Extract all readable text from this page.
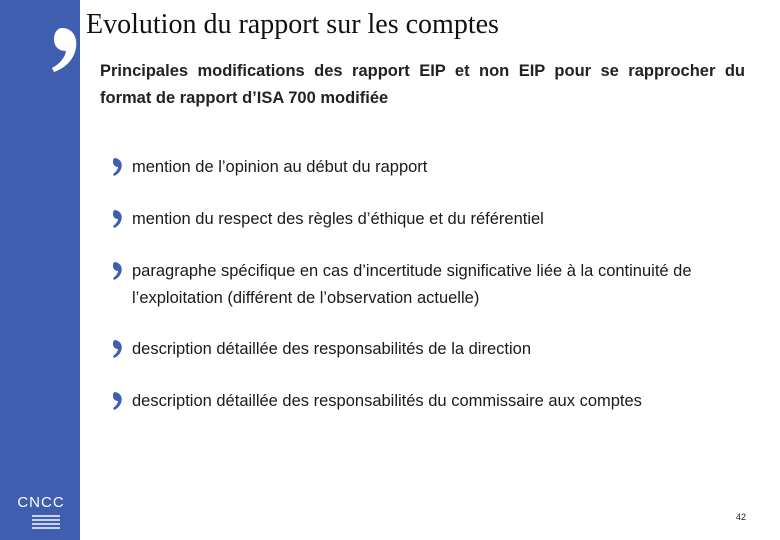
Evolution du rapport sur les comptes

Principales modifications des rapport EIP et non EIP pour se rapprocher du format de rapport d’ISA 700 modifiée

mention de l’opinion au début du rapport

mention du respect des règles d’éthique et du référentiel

paragraphe spécifique en cas d’incertitude significative liée à la continuité de l’exploitation (différent de l’observation actuelle)

description détaillée des responsabilités de la direction

description détaillée des responsabilités du commissaire aux comptes

CNCC

42
